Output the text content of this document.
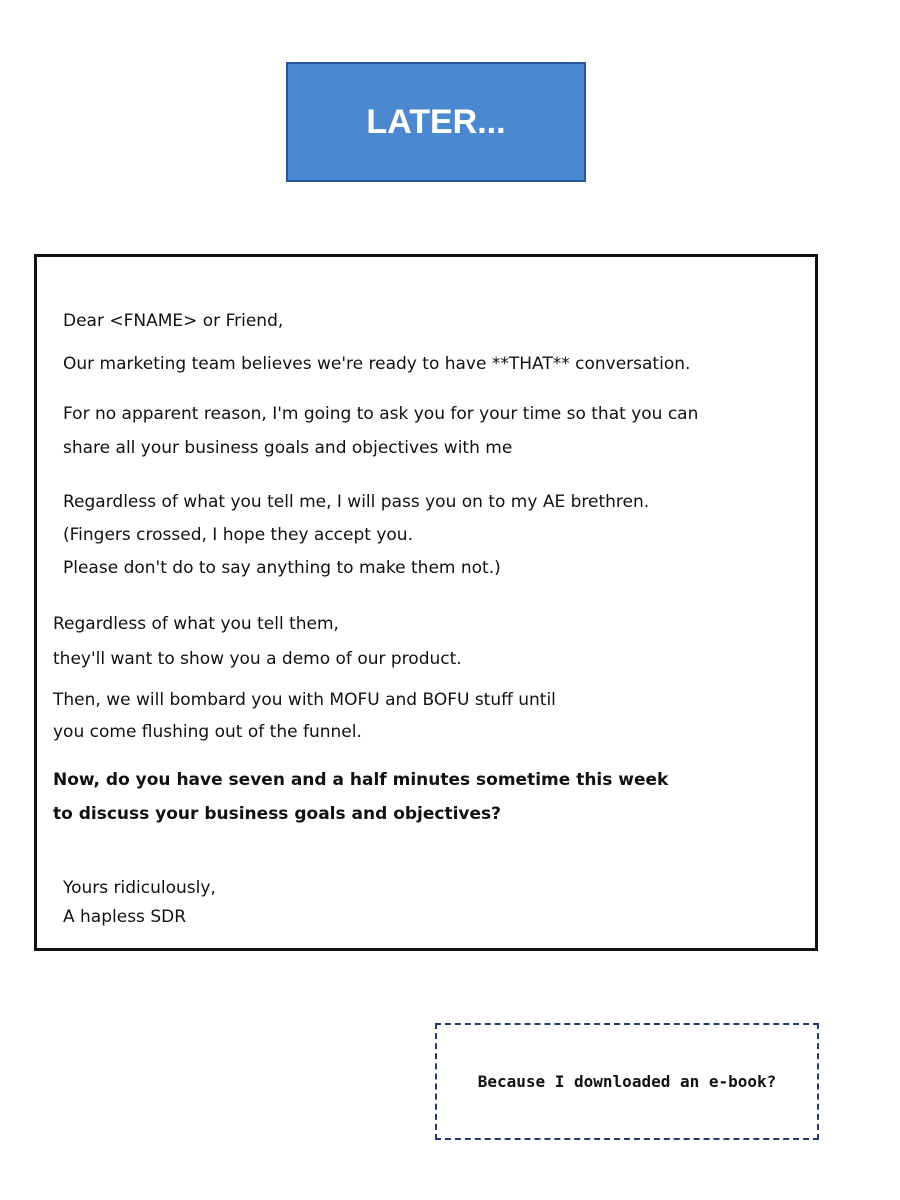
LATER...
Dear <FNAME> or Friend,
Our marketing team believes we're ready to have **THAT** conversation.
For no apparent reason, I'm going to ask you for your time so that you can
share all your business goals and objectives with me
Regardless of what you tell me, I will pass you on to my AE brethren.
(Fingers crossed, I hope they accept you.
Please don't do to say anything to make them not.)
Regardless of what you tell them,
they'll want to show you a demo of our product.
Then, we will bombard you with MOFU and BOFU stuff until
you come flushing out of the funnel.
Now, do you have seven and a half minutes sometime this week
to discuss your business goals and objectives?
Yours ridiculously,
A hapless SDR
Because I downloaded an e-book?
